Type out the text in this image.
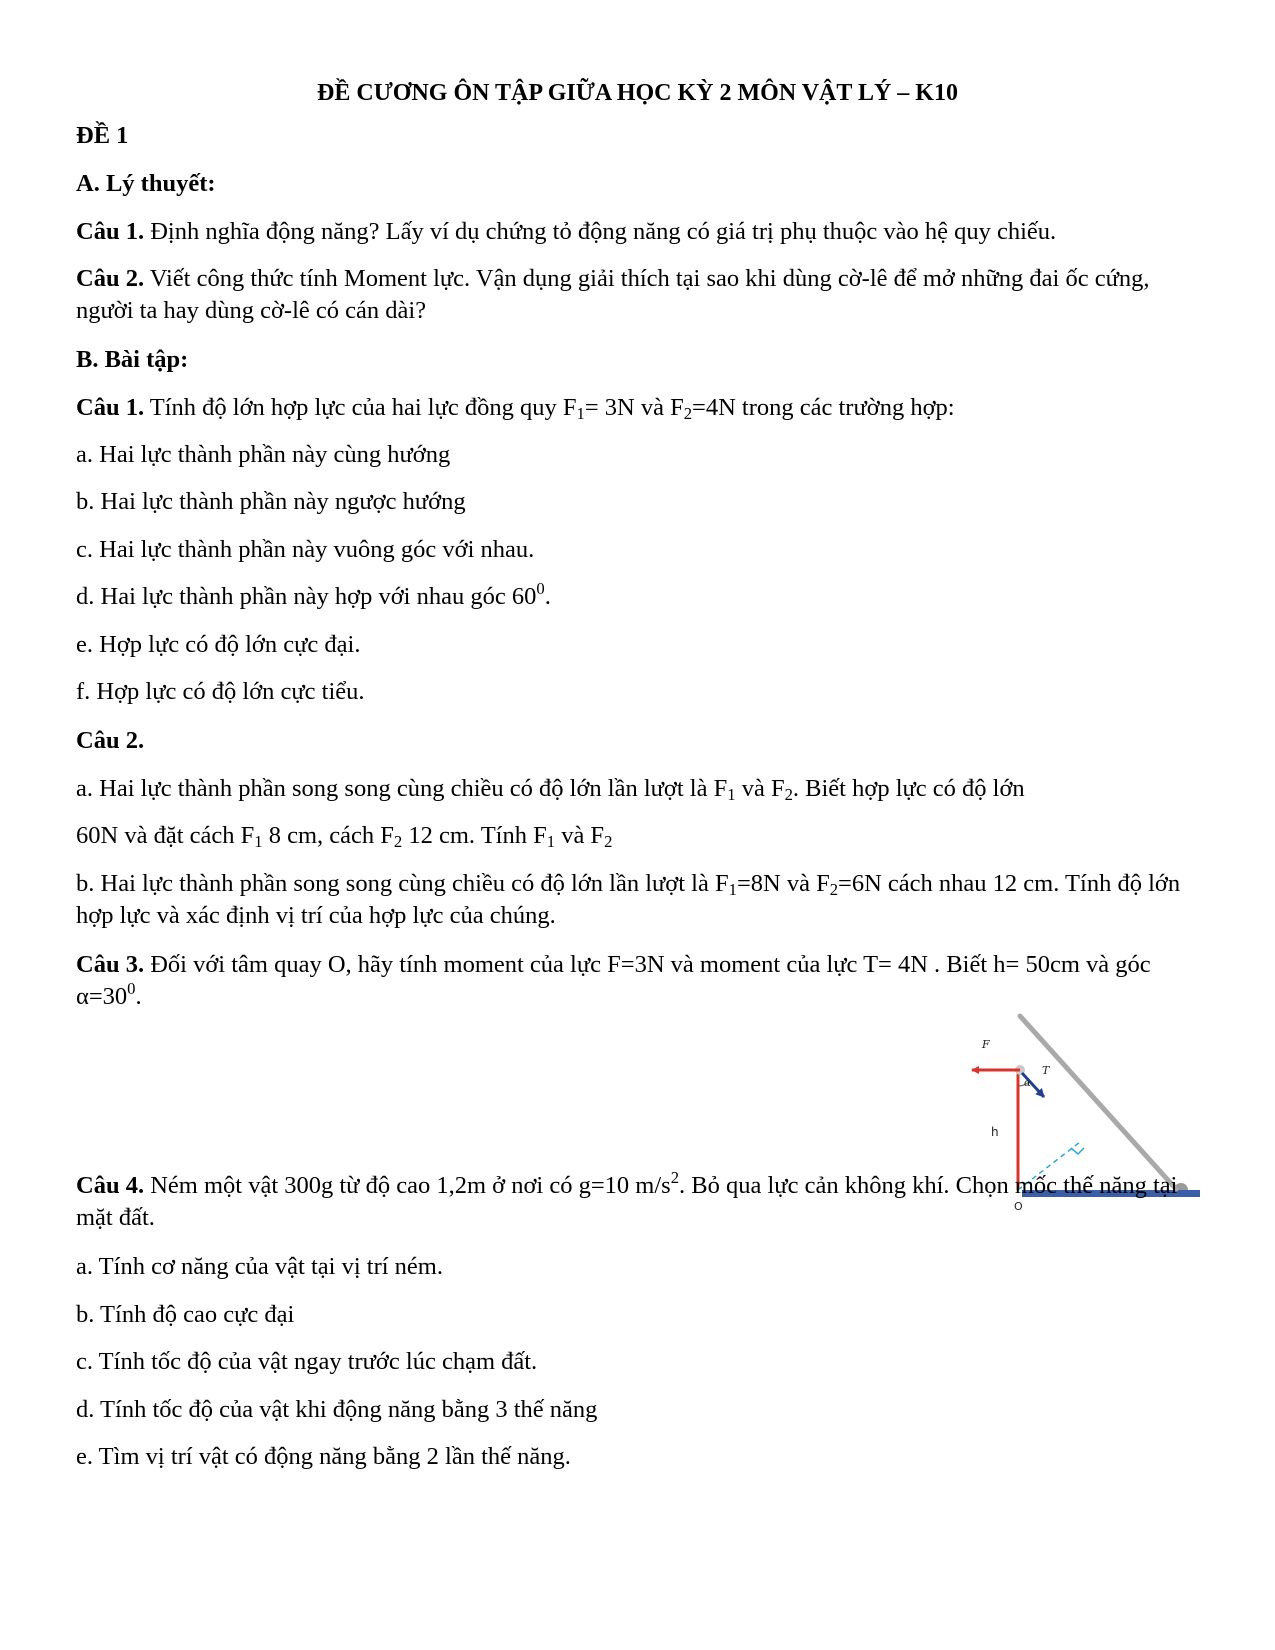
ĐỀ CƯƠNG ÔN TẬP GIỮA HỌC KỲ 2 MÔN VẬT LÝ – K10
ĐỀ 1
A. Lý thuyết:
Câu 1. Định nghĩa động năng? Lấy ví dụ chứng tỏ động năng có giá trị phụ thuộc vào hệ quy chiếu.
Câu 2. Viết công thức tính Moment lực. Vận dụng giải thích tại sao khi dùng cờ-lê để mở những đai ốc cứng, người ta hay dùng cờ-lê có cán dài?
B. Bài tập:
Câu 1. Tính độ lớn hợp lực của hai lực đồng quy $F_1= 3N$ và $F_2=4N$ trong các trường hợp:
a. Hai lực thành phần này cùng hướng
b. Hai lực thành phần này ngược hướng
c. Hai lực thành phần này vuông góc với nhau.
d. Hai lực thành phần này hợp với nhau góc $60^0$.
e. Hợp lực có độ lớn cực đại.
f. Hợp lực có độ lớn cực tiểu.
Câu 2.
a. Hai lực thành phần song song cùng chiều có độ lớn lần lượt là $F_1$ và $F_2$. Biết hợp lực có độ lớn
60N và đặt cách $F_1$ 8 cm, cách $F_2$ 12 cm. Tính $F_1$ và $F_2$
b. Hai lực thành phần song song cùng chiều có độ lớn lần lượt là $F_1=8N$ và $F_2=6N$ cách nhau 12 cm. Tính độ lớn hợp lực và xác định vị trí của hợp lực của chúng.
Câu 3. Đối với tâm quay O, hãy tính moment của lực F=3N và moment của lực T= 4N . Biết h= 50cm và góc $\alpha=30^0$.
F
T
α
h
O
Câu 4. Ném một vật 300g từ độ cao 1,2m ở nơi có g=10 $m/s^2$. Bỏ qua lực cản không khí. Chọn mốc thế năng tại mặt đất.
a. Tính cơ năng của vật tại vị trí ném.
b. Tính độ cao cực đại
c. Tính tốc độ của vật ngay trước lúc chạm đất.
d. Tính tốc độ của vật khi động năng bằng 3 thế năng
e. Tìm vị trí vật có động năng bằng 2 lần thế năng.
